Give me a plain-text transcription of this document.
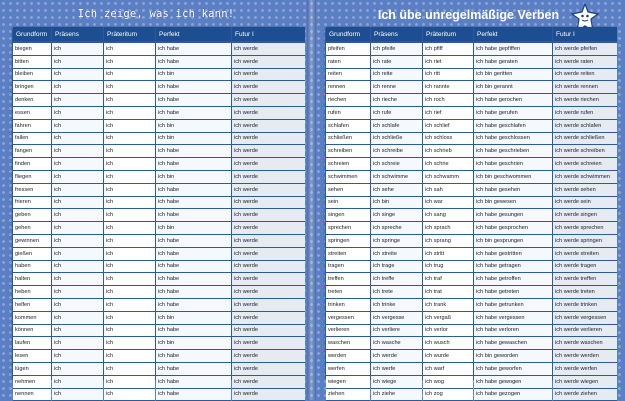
Ich zeige, was ich kann!	Ich übe unregelmäßige Verben
Grundform	Präsens	Präteritum	Perfekt	Futur I
biegen	ich	ich	ich habe	ich werde
bitten	ich	ich	ich habe	ich werde
bleiben	ich	ich	ich bin	ich werde
bringen	ich	ich	ich habe	ich werde
denken	ich	ich	ich habe	ich werde
essen	ich	ich	ich habe	ich werde
fahren	ich	ich	ich bin	ich werde
fallen	ich	ich	ich bin	ich werde
fangen	ich	ich	ich habe	ich werde
finden	ich	ich	ich habe	ich werde
fliegen	ich	ich	ich bin	ich werde
fressen	ich	ich	ich habe	ich werde
frieren	ich	ich	ich habe	ich werde
geben	ich	ich	ich habe	ich werde
gehen	ich	ich	ich bin	ich werde
gewinnen	ich	ich	ich habe	ich werde
gießen	ich	ich	ich habe	ich werde
haben	ich	ich	ich habe	ich werde
halten	ich	ich	ich habe	ich werde
heben	ich	ich	ich habe	ich werde
helfen	ich	ich	ich habe	ich werde
kommen	ich	ich	ich bin	ich werde
können	ich	ich	ich habe	ich werde
laufen	ich	ich	ich bin	ich werde
lesen	ich	ich	ich habe	ich werde
lügen	ich	ich	ich habe	ich werde
nehmen	ich	ich	ich habe	ich werde
nennen	ich	ich	ich habe	ich werde
Grundform	Präsens	Präteritum	Perfekt	Futur I
pfeifen	ich pfeife	ich pfiff	ich habe gepfiffen	ich werde pfeifen
raten	ich rate	ich riet	ich habe geraten	ich werde raten
reiten	ich reite	ich ritt	ich bin geritten	ich werde reiten
rennen	ich renne	ich rannte	ich bin gerannt	ich werde rennen
riechen	ich rieche	ich roch	ich habe gerochen	ich werde riechen
rufen	ich rufe	ich rief	ich habe gerufen	ich werde rufen
schlafen	ich schlafe	ich schlief	ich habe geschlafen	ich werde schlafen
schließen	ich schließe	ich schloss	ich habe geschlossen	ich werde schließen
schreiben	ich schreibe	ich schrieb	ich habe geschrieben	ich werde schreiben
schreien	ich schreie	ich schrie	ich habe geschrien	ich werde schreien
schwimmen	ich schwimme	ich schwamm	ich bin geschwommen	ich werde schwimmen
sehen	ich sehe	ich sah	ich habe gesehen	ich werde sehen
sein	ich bin	ich war	ich bin gewesen	ich werde sein
singen	ich singe	ich sang	ich habe gesungen	ich werde singen
sprechen	ich spreche	ich sprach	ich habe gesprochen	ich werde sprechen
springen	ich springe	ich sprang	ich bin gesprungen	ich werde springen
streiten	ich streite	ich stritt	ich habe gestritten	ich werde streiten
tragen	ich trage	ich trug	ich habe getragen	ich werde tragen
treffen	ich treffe	ich traf	ich habe getroffen	ich werde treffen
treten	ich trete	ich trat	ich habe getreten	ich werde treten
trinken	ich trinke	ich trank	ich habe getrunken	ich werde trinken
vergessen	ich vergesse	ich vergaß	ich habe vergessen	ich werde vergessen
verlieren	ich verliere	ich verlor	ich habe verloren	ich werde verlieren
waschen	ich wasche	ich wusch	ich habe gewaschen	ich werde waschen
werden	ich werde	ich wurde	ich bin geworden	ich werde werden
werfen	ich werfe	ich warf	ich habe geworfen	ich werde werfen
wiegen	ich wiege	ich wog	ich habe gewogen	ich werde wiegen
ziehen	ich ziehe	ich zog	ich habe gezogen	ich werde ziehen
